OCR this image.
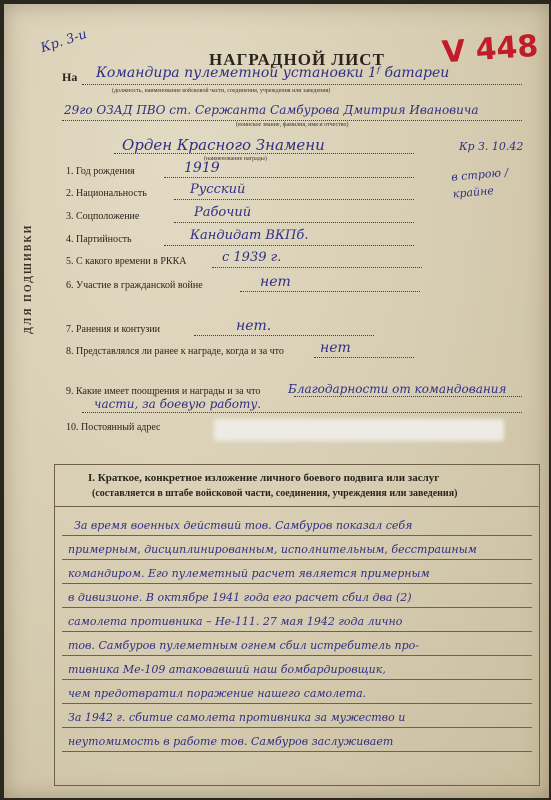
Кр. 3-и	V 448
НАГРАДНОЙ ЛИСТ
На Командира пулеметной установки 1ᶠ батареи
(должность, наименование войсковой части, соединения, учреждения или заведения)
29го ОЗАД ПВО ст. Сержанта Самбурова Дмитрия Ивановича
(воинское звание, фамилия, имя и отчество)
Орден Красного Знамени
(наименование награды)
Кр З. 10.42
в строю / крайне
1. Год рождения	1919
2. Национальность	Русский
3. Соцположение	Рабочий
4. Партийность	Кандидат ВКПб.
5. С какого времени в РККА	с 1939 г.
6. Участие в гражданской войне	нет
7. Ранения и контузии	нет.
8. Представлялся ли ранее к награде, когда и за что	нет
9. Какие имеет поощрения и награды и за что	Благодарности от командования части, за боевую работу.
10. Постоянный адрес
ДЛЯ ПОДШИВКИ
I. Краткое, конкретное изложение личного боевого подвига или заслуг
(составляется в штабе войсковой части, соединения, учреждения или заведения)
За время военных действий тов. Самбуров показал себя
примерным, дисциплинированным, исполнительным, бесстрашным
командиром. Его пулеметный расчет является примерным
в дивизионе. В октябре 1941 года его расчет сбил два (2)
самолета противника – Не-111. 27 мая 1942 года лично
тов. Самбуров пулеметным огнем сбил истребитель про-
тивника Ме-109 атаковавший наш бомбардировщик,
чем предотвратил поражение нашего самолета.
За 1942 г. сбитие самолета противника за мужество и
неутомимость в работе тов. Самбуров заслуживает
